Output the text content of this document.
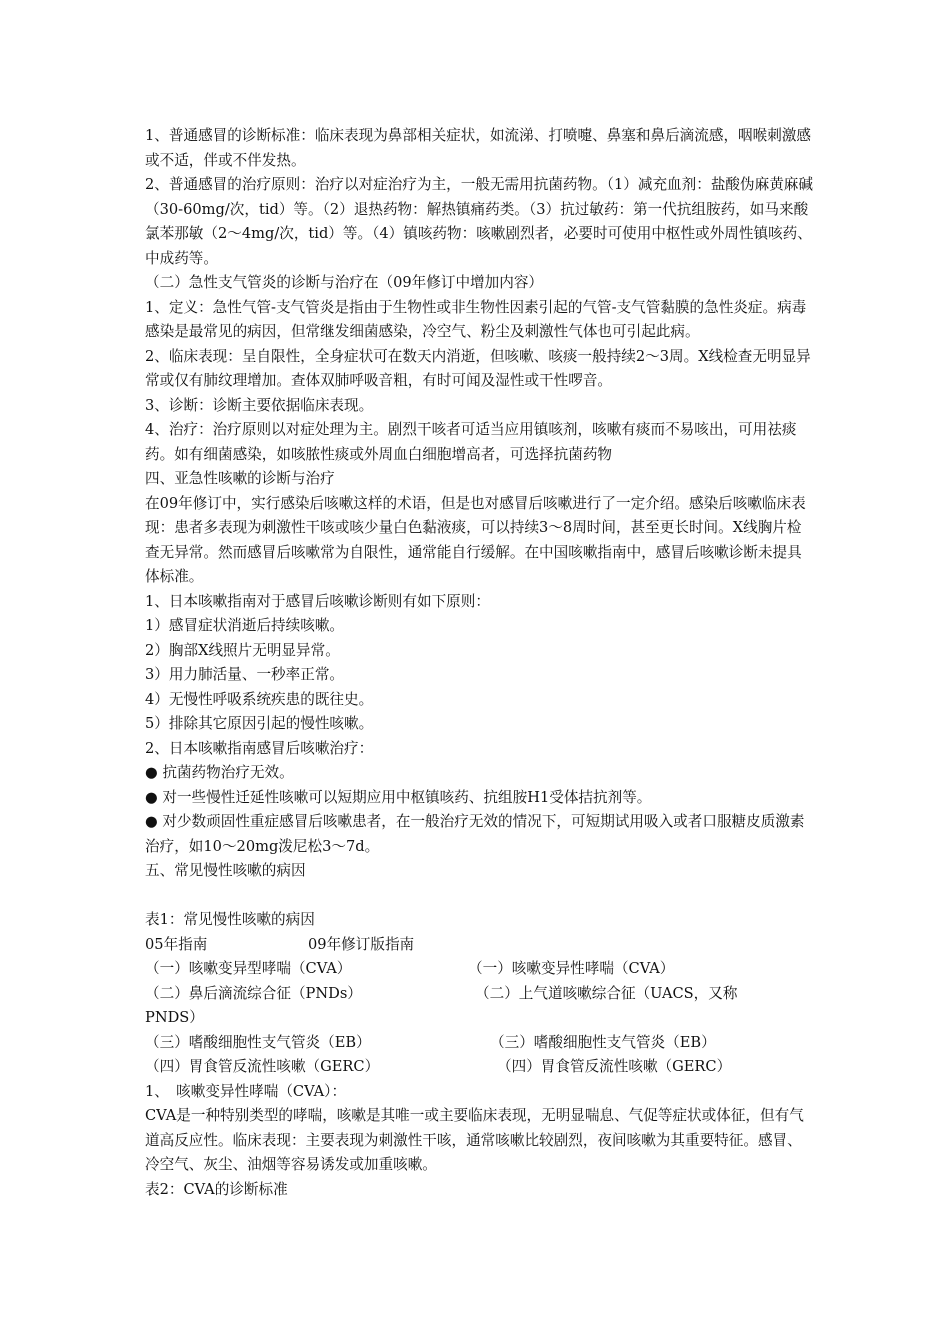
1、普通感冒的诊断标准：临床表现为鼻部相关症状，如流涕、打喷嚏、鼻塞和鼻后滴流感，咽喉刺激感或不适，伴或不伴发热。

2、普通感冒的治疗原则：治疗以对症治疗为主，一般无需用抗菌药物。（1）减充血剂：盐酸伪麻黄麻碱（30-60mg/次，tid）等。（2）退热药物：解热镇痛药类。（3）抗过敏药：第一代抗组胺药，如马来酸氯苯那敏（2～4mg/次，tid）等。（4）镇咳药物：咳嗽剧烈者，必要时可使用中枢性或外周性镇咳药、中成药等。

（二）急性支气管炎的诊断与治疗在（09年修订中增加内容）

1、定义：急性气管-支气管炎是指由于生物性或非生物性因素引起的气管-支气管黏膜的急性炎症。病毒感染是最常见的病因，但常继发细菌感染，冷空气、粉尘及刺激性气体也可引起此病。

2、临床表现：呈自限性，全身症状可在数天内消逝，但咳嗽、咳痰一般持续2～3周。X线检查无明显异常或仅有肺纹理增加。查体双肺呼吸音粗，有时可闻及湿性或干性啰音。

3、诊断：诊断主要依据临床表现。

4、治疗：治疗原则以对症处理为主。剧烈干咳者可适当应用镇咳剂，咳嗽有痰而不易咳出，可用祛痰药。如有细菌感染，如咳脓性痰或外周血白细胞增高者，可选择抗菌药物

四、亚急性咳嗽的诊断与治疗

在09年修订中，实行感染后咳嗽这样的术语，但是也对感冒后咳嗽进行了一定介绍。感染后咳嗽临床表现：患者多表现为刺激性干咳或咳少量白色黏液痰，可以持续3～8周时间，甚至更长时间。X线胸片检查无异常。然而感冒后咳嗽常为自限性，通常能自行缓解。在中国咳嗽指南中，感冒后咳嗽诊断未提具体标准。

1、日本咳嗽指南对于感冒后咳嗽诊断则有如下原则：

1）感冒症状消逝后持续咳嗽。

2）胸部X线照片无明显异常。

3）用力肺活量、一秒率正常。

4）无慢性呼吸系统疾患的既往史。

5）排除其它原因引起的慢性咳嗽。

2、日本咳嗽指南感冒后咳嗽治疗：

● 抗菌药物治疗无效。

● 对一些慢性迁延性咳嗽可以短期应用中枢镇咳药、抗组胺H1受体拮抗剂等。

● 对少数顽固性重症感冒后咳嗽患者，在一般治疗无效的情况下，可短期试用吸入或者口服糖皮质激素治疗，如10～20mg泼尼松3～7d。

五、常见慢性咳嗽的病因

表1：常见慢性咳嗽的病因

05年指南	09年修订版指南
（一）咳嗽变异型哮喘（CVA）	（一）咳嗽变异性哮喘（CVA）
（二）鼻后滴流综合征（PNDs）	（二）上气道咳嗽综合征（UACS，又称
PNDS）
（三）嗜酸细胞性支气管炎（EB）	（三）嗜酸细胞性支气管炎（EB）
（四）胃食管反流性咳嗽（GERC）	（四）胃食管反流性咳嗽（GERC）

1、　咳嗽变异性哮喘（CVA）：

CVA是一种特别类型的哮喘，咳嗽是其唯一或主要临床表现，无明显喘息、气促等症状或体征，但有气道高反应性。临床表现：主要表现为刺激性干咳，通常咳嗽比较剧烈，夜间咳嗽为其重要特征。感冒、冷空气、灰尘、油烟等容易诱发或加重咳嗽。

表2：CVA的诊断标准
